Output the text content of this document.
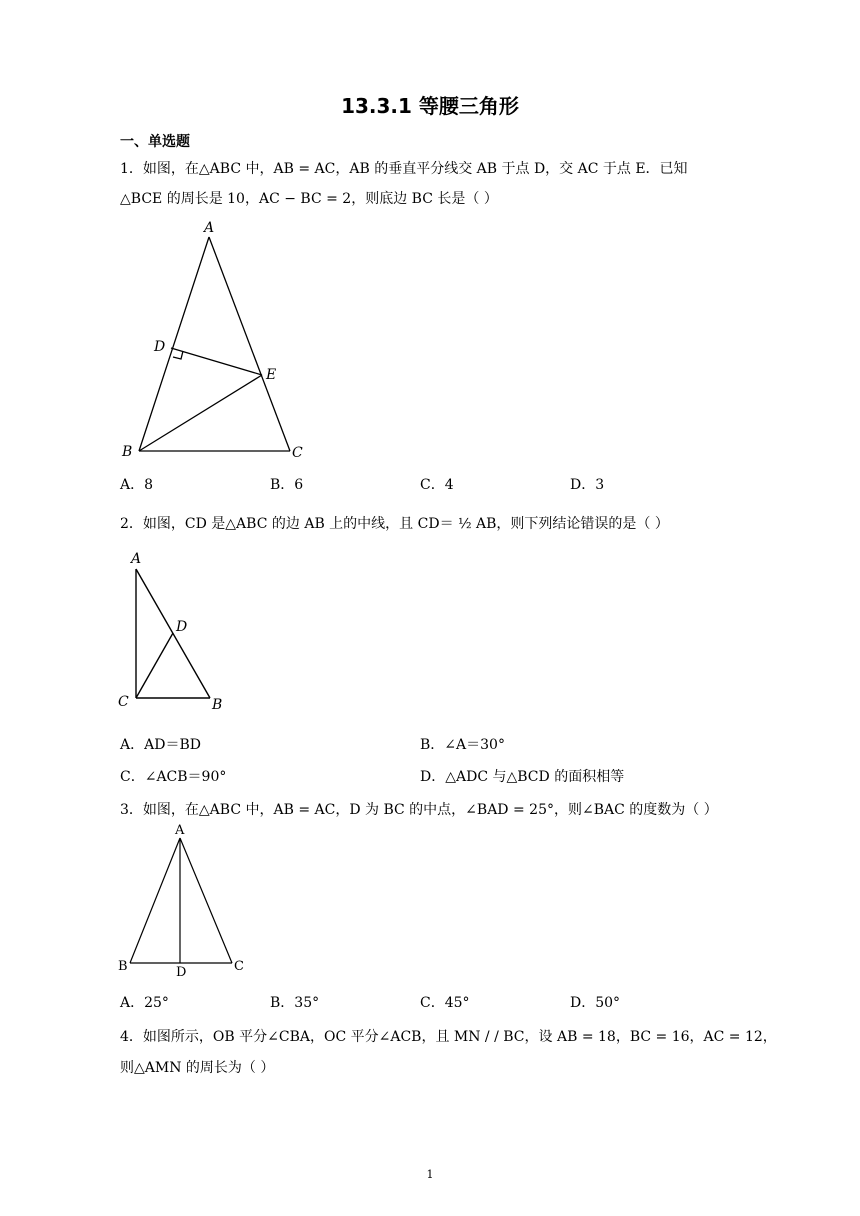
13.3.1 等腰三角形
一、单选题
1．如图，在△ABC 中，AB = AC，AB 的垂直平分线交 AB 于点 D，交 AC 于点 E．已知
△BCE 的周长是 10，AC − BC = 2，则底边 BC 长是（ ）
A
D
E
B	C
A．8	B．6	C．4	D．3
2．如图，CD 是△ABC 的边 AB 上的中线，且 CD＝ ½ AB，则下列结论错误的是（ ）
A
D
C	B
A．AD＝BD	B．∠A＝30°
C．∠ACB＝90°	D．△ADC 与△BCD 的面积相等
3．如图，在△ABC 中，AB = AC，D 为 BC 的中点，∠BAD = 25°，则∠BAC 的度数为（ ）
A
B	D	C
A．25°	B．35°	C．45°	D．50°
4．如图所示，OB 平分∠CBA，OC 平分∠ACB，且 MN / / BC，设 AB = 18，BC = 16，AC = 12，
则△AMN 的周长为（ ）
1
